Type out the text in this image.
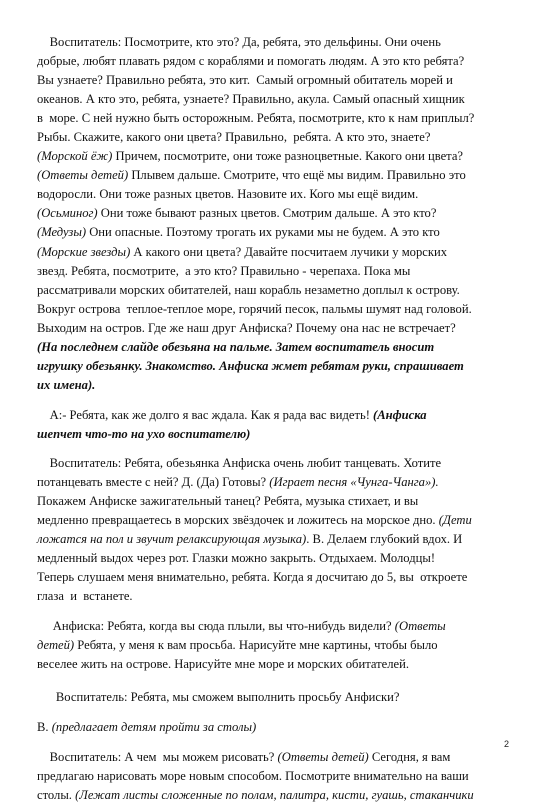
Воспитатель: Посмотрите, кто это? Да, ребята, это дельфины. Они очень
добрые, любят плавать рядом с кораблями и помогать людям. А это кто ребята?
Вы узнаете? Правильно ребята, это кит.  Самый огромный обитатель морей и
океанов. А кто это, ребята, узнаете? Правильно, акула. Самый опасный хищник
в  море. С ней нужно быть осторожным. Ребята, посмотрите, кто к нам приплыл?
Рыбы. Скажите, какого они цвета? Правильно,  ребята. А кто это, знаете?
(Морской ёж) Причем, посмотрите, они тоже разноцветные. Какого они цвета?
(Ответы детей) Плывем дальше. Смотрите, что ещё мы видим. Правильно это
водоросли. Они тоже разных цветов. Назовите их. Кого мы ещё видим.
(Осьминог) Они тоже бывают разных цветов. Смотрим дальше. А это кто?
(Медузы) Они опасные. Поэтому трогать их руками мы не будем. А это кто
(Морские звезды) А какого они цвета? Давайте посчитаем лучики у морских
звезд. Ребята, посмотрите,  а это кто? Правильно - черепаха. Пока мы
рассматривали морских обитателей, наш корабль незаметно доплыл к острову.
Вокруг острова  теплое-теплое море, горячий песок, пальмы шумят над головой.
Выходим на остров. Где же наш друг Анфиска? Почему она нас не встречает?
(На последнем слайде обезьяна на пальме. Затем воспитатель вносит
игрушку обезьянку. Знакомство. Анфиска жмет ребятам руки, спрашивает
их имена).

А:- Ребята, как же долго я вас ждала. Как я рада вас видеть! (Анфиска
шепчет что-то на ухо воспитателю)

Воспитатель: Ребята, обезьянка Анфиска очень любит танцевать. Хотите
потанцевать вместе с ней? Д. (Да) Готовы? (Играет песня «Чунга-Чанга»).
Покажем Анфиске зажигательный танец? Ребята, музыка стихает, и вы
медленно превращаетесь в морских звёздочек и ложитесь на морское дно. (Дети
ложатся на пол и звучит релаксирующая музыка). В. Делаем глубокий вдох. И
медленный выдох через рот. Глазки можно закрыть. Отдыхаем. Молодцы!
Теперь слушаем меня внимательно, ребята. Когда я досчитаю до 5, вы  откроете
глаза  и  встанете.

Анфиска: Ребята, когда вы сюда плыли, вы что-нибудь видели? (Ответы
детей) Ребята, у меня к вам просьба. Нарисуйте мне картины, чтобы было
веселее жить на острове. Нарисуйте мне море и морских обитателей.

Воспитатель: Ребята, мы сможем выполнить просьбу Анфиски?

В. (предлагает детям пройти за столы)

Воспитатель: А чем  мы можем рисовать? (Ответы детей) Сегодня, я вам
предлагаю нарисовать море новым способом. Посмотрите внимательно на ваши
столы. (Лежат листы сложенные по полам, палитра, кисти, гуашь, стаканчики

2
